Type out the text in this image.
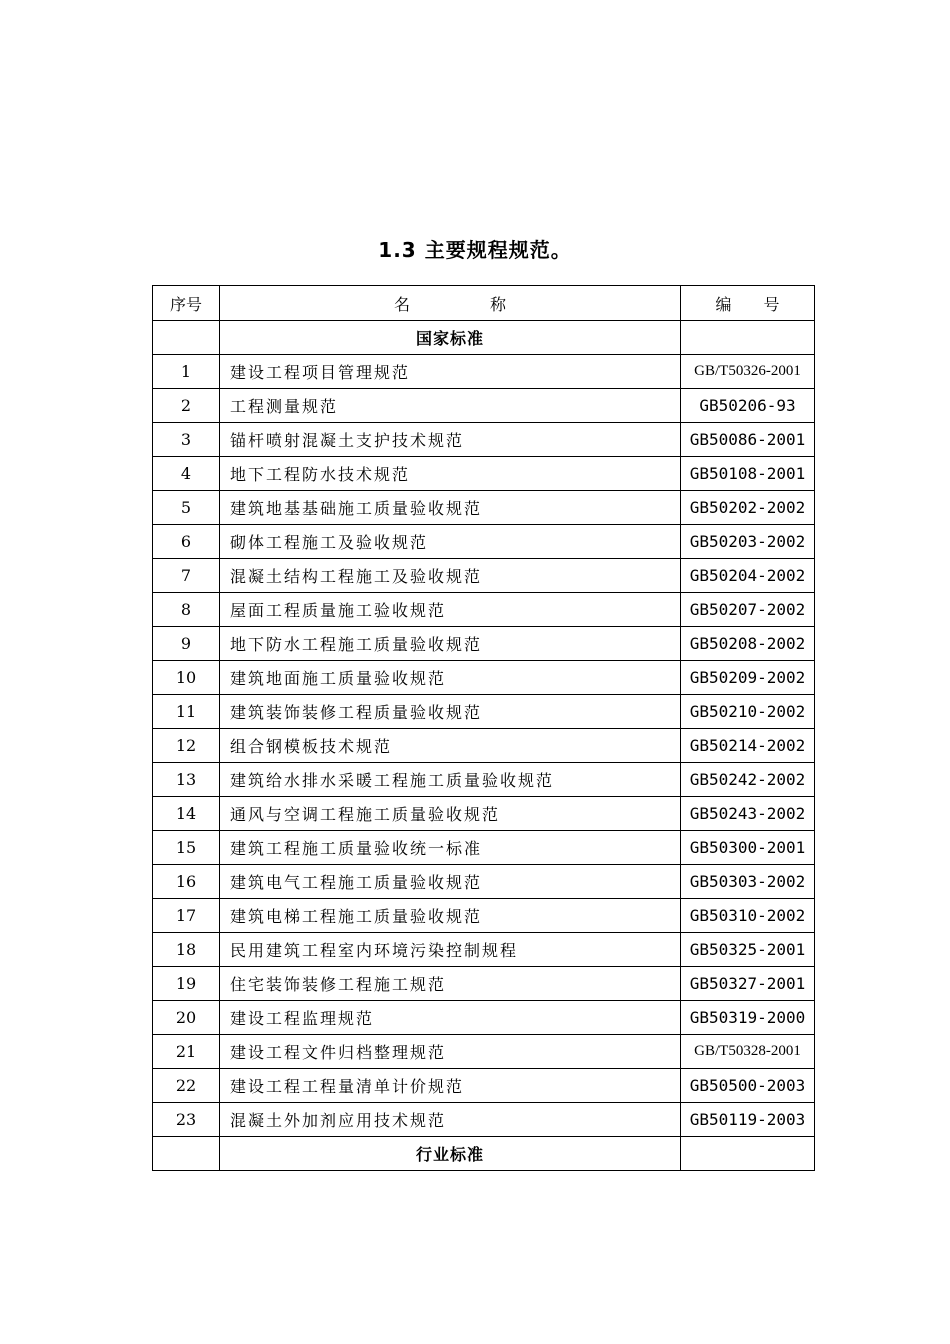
1.3 主要规程规范。
序号	名　　　　　称	编　　号
	国家标准	
1	建设工程项目管理规范	GB/T50326-2001
2	工程测量规范	GB50206-93
3	锚杆喷射混凝土支护技术规范	GB50086-2001
4	地下工程防水技术规范	GB50108-2001
5	建筑地基基础施工质量验收规范	GB50202-2002
6	砌体工程施工及验收规范	GB50203-2002
7	混凝土结构工程施工及验收规范	GB50204-2002
8	屋面工程质量施工验收规范	GB50207-2002
9	地下防水工程施工质量验收规范	GB50208-2002
10	建筑地面施工质量验收规范	GB50209-2002
11	建筑装饰装修工程质量验收规范	GB50210-2002
12	组合钢模板技术规范	GB50214-2002
13	建筑给水排水采暖工程施工质量验收规范	GB50242-2002
14	通风与空调工程施工质量验收规范	GB50243-2002
15	建筑工程施工质量验收统一标准	GB50300-2001
16	建筑电气工程施工质量验收规范	GB50303-2002
17	建筑电梯工程施工质量验收规范	GB50310-2002
18	民用建筑工程室内环境污染控制规程	GB50325-2001
19	住宅装饰装修工程施工规范	GB50327-2001
20	建设工程监理规范	GB50319-2000
21	建设工程文件归档整理规范	GB/T50328-2001
22	建设工程工程量清单计价规范	GB50500-2003
23	混凝土外加剂应用技术规范	GB50119-2003
	行业标准	
